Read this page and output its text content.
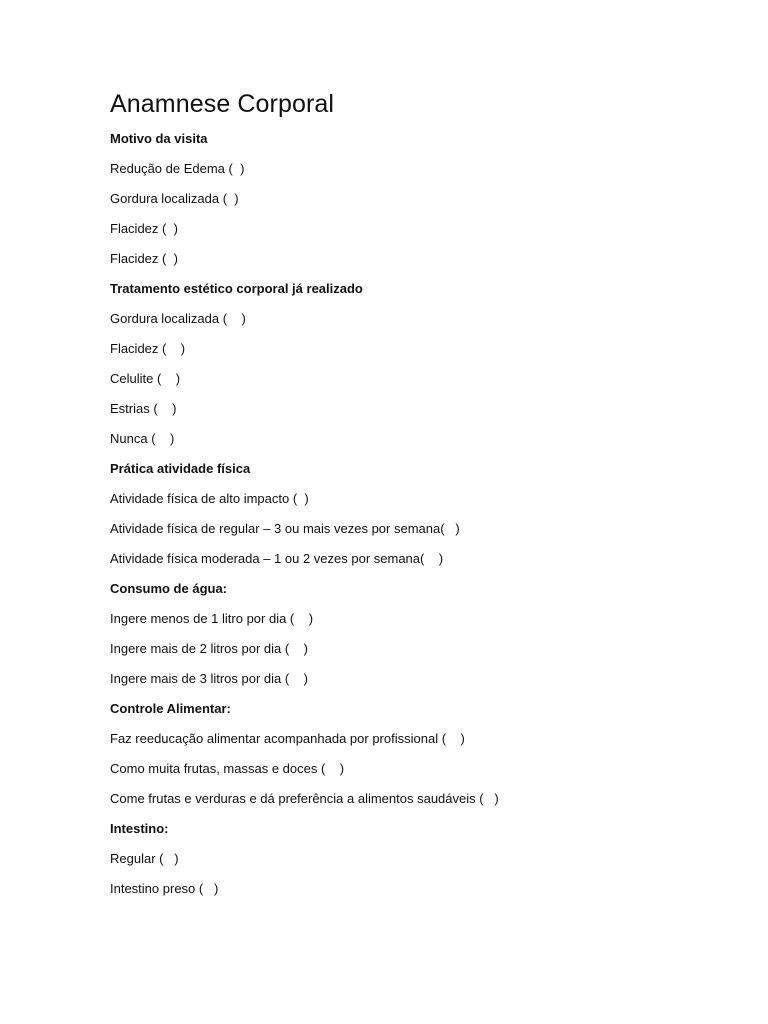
Anamnese Corporal
Motivo da visita
Redução de Edema (  )
Gordura localizada (  )
Flacidez (  )
Flacidez (  )
Tratamento estético corporal já realizado
Gordura localizada (    )
Flacidez (    )
Celulite (    )
Estrias (    )
Nunca (    )
Prática atividade física
Atividade física de alto impacto (  )
Atividade física de regular – 3 ou mais vezes por semana(   )
Atividade física moderada – 1 ou 2 vezes por semana(    )
Consumo de água:
Ingere menos de 1 litro por dia (    )
Ingere mais de 2 litros por dia (    )
Ingere mais de 3 litros por dia (    )
Controle Alimentar:
Faz reeducação alimentar acompanhada por profissional (    )
Como muita frutas, massas e doces (    )
Come frutas e verduras e dá preferência a alimentos saudáveis (   )
Intestino:
Regular (   )
Intestino preso (   )
